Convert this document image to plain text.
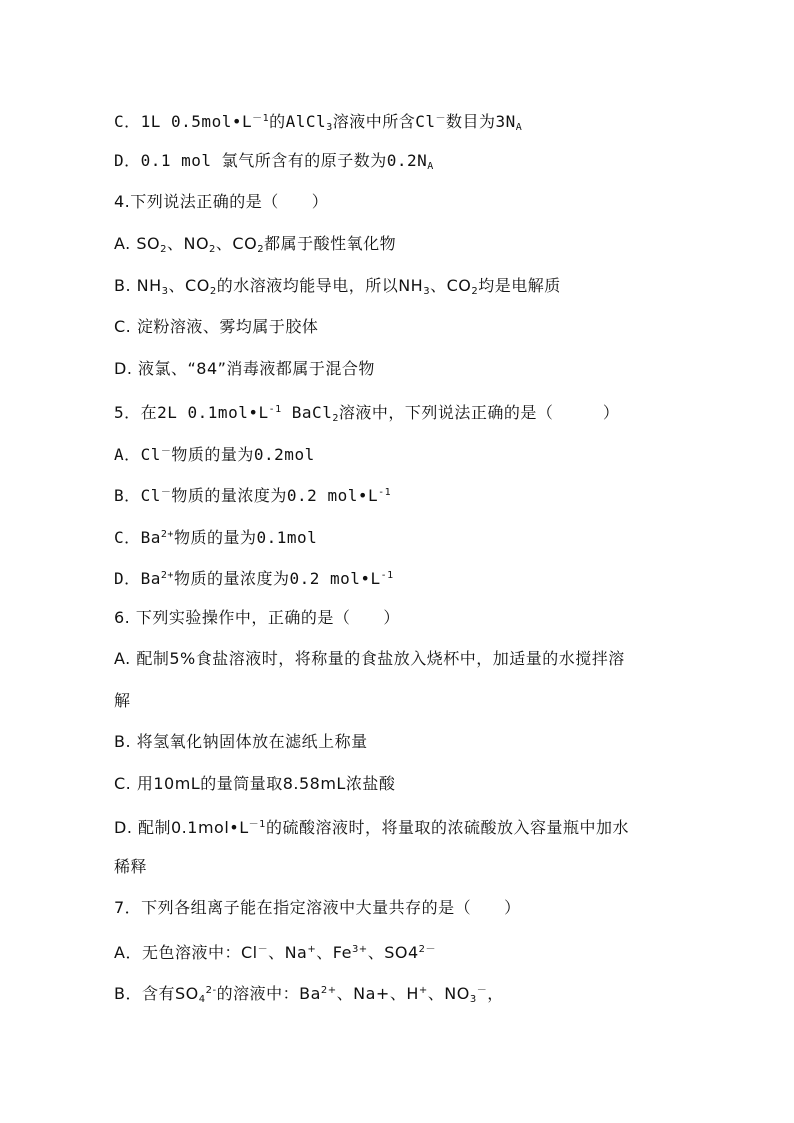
C．1L $0.5mol•L^{-1}$的AlCl$_3$溶液中所含Cl－数目为$3N_A$
D．0.1 mol 氯气所含有的原子数为$0.2N_A$
4.下列说法正确的是（　　）
A. $SO_2$、$NO_2$、$CO_2$都属于酸性氧化物
B. $NH_3$、$CO_2$的水溶液均能导电，所以$NH_3$、$CO_2$均是电解质
C. 淀粉溶液、雾均属于胶体
D. 液氯、“84”消毒液都属于混合物
5．在2L $0.1mol•L^{-1}$ BaCl$_2$溶液中，下列说法正确的是（　　　）
A．Cl－物质的量为0.2mol
B．Cl－物质的量浓度为0.2 $mol•L^{-1}$
C．$Ba^{2+}$物质的量为0.1mol
D．$Ba^{2+}$物质的量浓度为0.2 $mol•L^{-1}$
6. 下列实验操作中，正确的是（　　）
A. 配制5%食盐溶液时，将称量的食盐放入烧杯中，加适量的水搅拌溶
解
B. 将氢氧化钠固体放在滤纸上称量
C. 用10mL的量筒量取8.58mL浓盐酸
D. 配制$0.1mol•L^{-1}$的硫酸溶液时，将量取的浓硫酸放入容量瓶中加水
稀释
7．下列各组离子能在指定溶液中大量共存的是（　　）
A．无色溶液中：Cl－、Na+、$Fe^{3+}$、$SO4^{2-}$
B．含有$SO_4^{2-}$的溶液中：$Ba^{2+}$、Na+、H+、$NO_3^-$，
